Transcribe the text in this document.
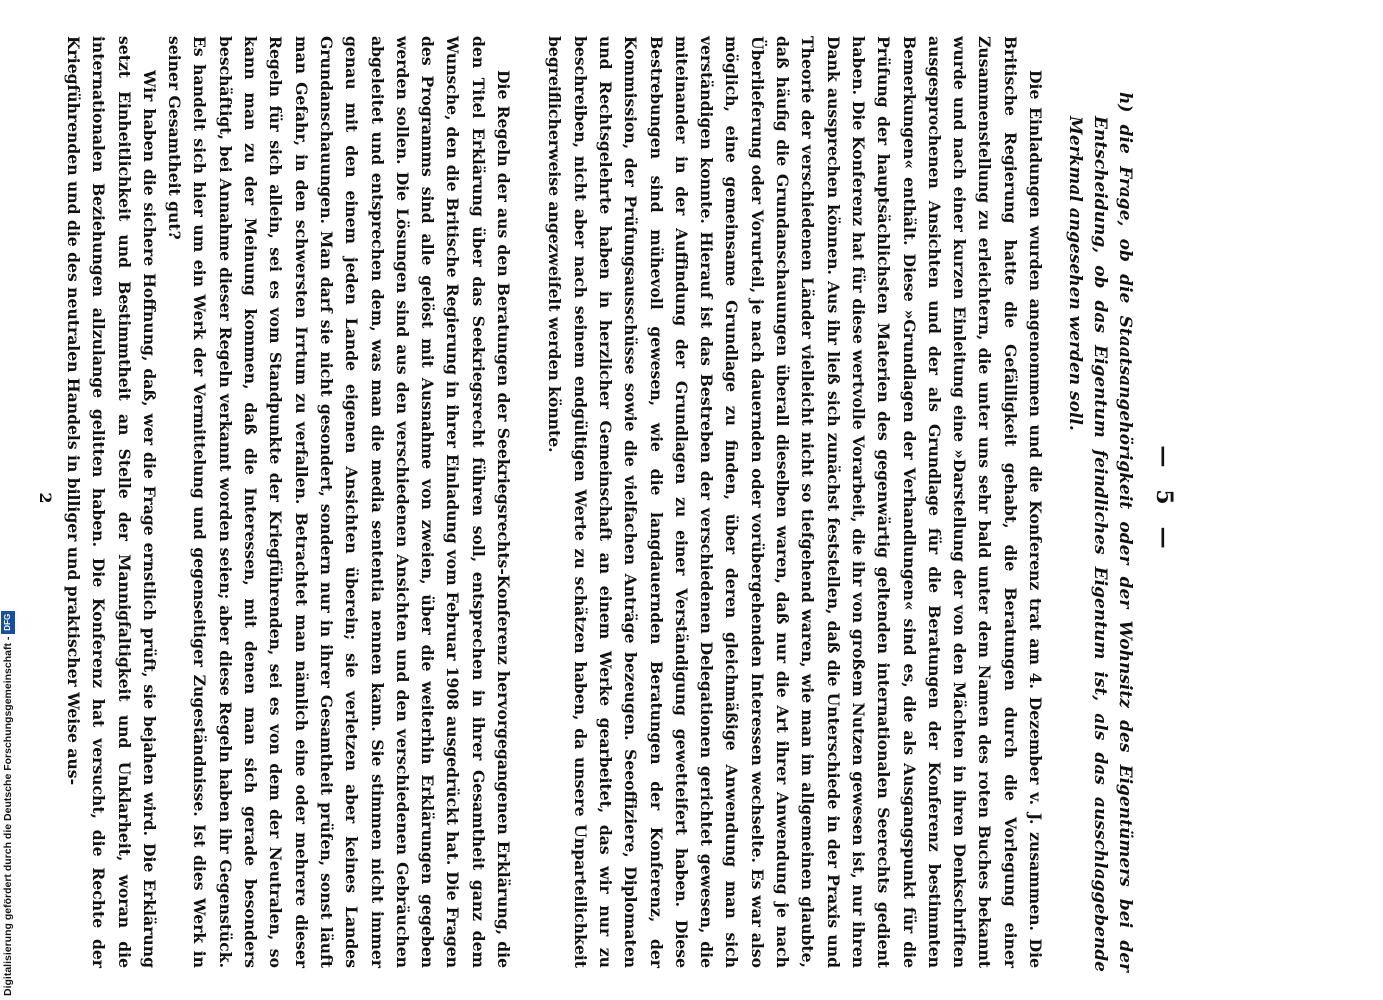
—5—
h) die Frage, ob die Staatsangehörigkeit oder der Wohnsitz des Eigentümers bei der Entscheidung, ob das Eigentum feindliches Eigentum ist, als das ausschlaggebende Merkmal angesehen werden soll.
Die Einladungen wurden angenommen und die Konferenz trat am 4. Dezember v. J. zusammen. Die Britische Regierung hatte die Gefälligkeit gehabt, die Beratungen durch die Vorlegung einer Zusammenstellung zu erleichtern, die unter uns sehr bald unter dem Namen des roten Buches bekannt wurde und nach einer kurzen Einleitung eine »Darstellung der von den Mächten in ihren Denkschriften ausgesprochenen Ansichten und der als Grundlage für die Beratungen der Konferenz bestimmten Bemerkungen« enthält. Diese »Grundlagen der Verhandlungen« sind es, die als Ausgangspunkt für die Prüfung der hauptsächlichsten Materien des gegenwärtig geltenden internationalen Seerechts gedient haben. Die Konferenz hat für diese wertvolle Vorarbeit, die ihr von großem Nutzen gewesen ist, nur ihren Dank aussprechen können. Aus ihr ließ sich zunächst feststellen, daß die Unterschiede in der Praxis und Theorie der verschiedenen Länder vielleicht nicht so tiefgehend waren, wie man im allgemeinen glaubte, daß häufig die Grundanschauungen überall dieselben waren, daß nur die Art ihrer Anwendung je nach Überlieferung oder Vorurteil, je nach dauernden oder vorübergehenden Interessen wechselte. Es war also möglich, eine gemeinsame Grundlage zu finden, über deren gleichmäßige Anwendung man sich verständigen konnte. Hierauf ist das Bestreben der verschiedenen Delegationen gerichtet gewesen, die miteinander in der Auffindung der Grundlagen zu einer Verständigung gewetteifert haben. Diese Bestrebungen sind mühevoll gewesen, wie die langdauernden Beratungen der Konferenz, der Kommission, der Prüfungsausschüsse sowie die vielfachen Anträge bezeugen. Seeoffiziere, Diplomaten und Rechtsgelehrte haben in herzlicher Gemeinschaft an einem Werke gearbeitet, das wir nur zu beschreiben, nicht aber nach seinem endgültigen Werte zu schätzen haben, da unsere Unparteilichkeit begreiflicherweise angezweifelt werden könnte.
Die Regeln der aus den Beratungen der Seekriegsrechts-Konferenz hervorgegangenen Erklärung, die den Titel Erklärung über das Seekriegsrecht führen soll, entsprechen in ihrer Gesamtheit ganz dem Wunsche, den die Britische Regierung in ihrer Einladung vom Februar 1908 ausgedrückt hat. Die Fragen des Programms sind alle gelöst mit Ausnahme von zweien, über die weiterhin Erklärungen gegeben werden sollen. Die Lösungen sind aus den verschiedenen Ansichten und den verschiedenen Gebräuchen abgeleitet und entsprechen dem, was man die media sententia nennen kann. Sie stimmen nicht immer genau mit den einem jeden Lande eigenen Ansichten überein; sie verletzen aber keines Landes Grundanschauungen. Man darf sie nicht gesondert, sondern nur in ihrer Gesamtheit prüfen, sonst läuft man Gefahr, in den schwersten Irrtum zu verfallen. Betrachtet man nämlich eine oder mehrere dieser Regeln für sich allein, sei es vom Standpunkte der Kriegführenden, sei es von dem der Neutralen, so kann man zu der Meinung kommen, daß die Interessen, mit denen man sich gerade besonders beschäftigt, bei Annahme dieser Regeln verkannt worden seien; aber diese Regeln haben ihr Gegenstück. Es handelt sich hier um ein Werk der Vermittelung und gegenseitiger Zugeständnisse. Ist dies Werk in seiner Gesamtheit gut?
Wir haben die sichere Hoffnung, daß, wer die Frage ernstlich prüft, sie bejahen wird. Die Erklärung setzt Einheitlichkeit und Bestimmtheit an Stelle der Mannigfaltigkeit und Unklarheit, woran die internationalen Beziehungen allzulange gelitten haben. Die Konferenz hat versucht, die Rechte der Kriegführenden und die des neutralen Handels in billiger und praktischer Weise aus-
2
Digitalisierung gefördert durch die Deutsche Forschungsgemeinschaft - DFG
